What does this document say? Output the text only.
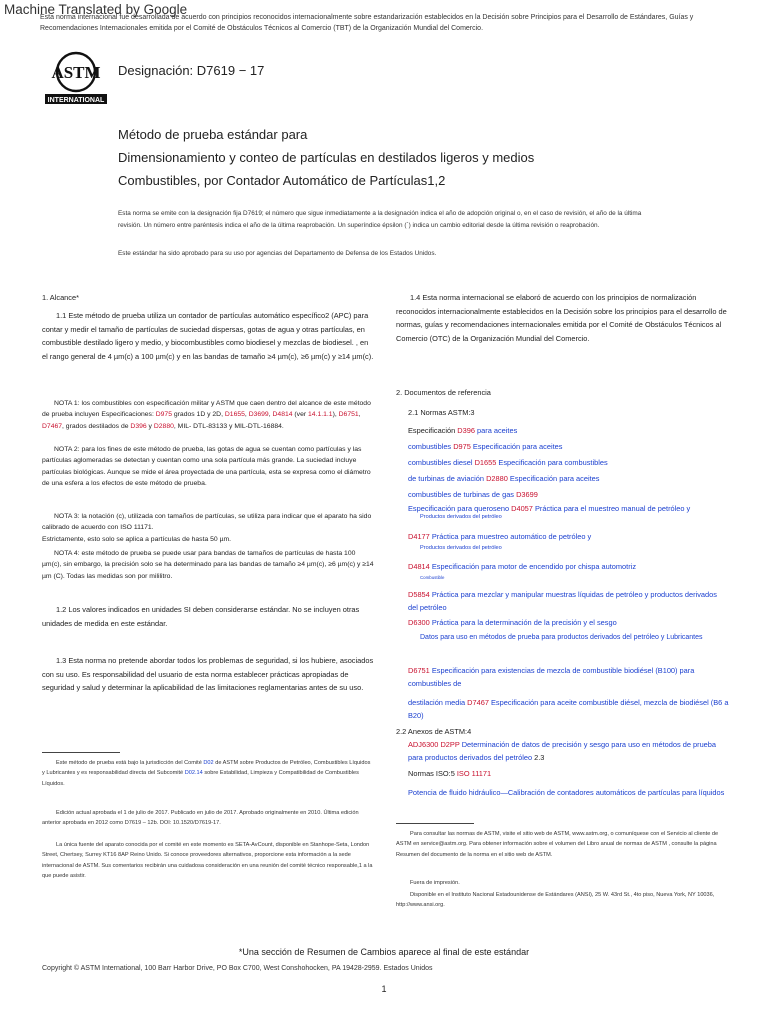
Esta norma internacional fue desarrollada de acuerdo con principios reconocidos internacionalmente sobre estandarización establecidos en la Decisión sobre Principios para el Desarrollo de Estándares, Guías y Recomendaciones Internacionales emitida por el Comité de Obstáculos Técnicos al Comercio (TBT) de la Organización Mundial del Comercio.
Machine Translated by Google
ASTM
INTERNATIONAL
Designación: D7619 − 17
Método de prueba estándar para
Dimensionamiento y conteo de partículas en destilados ligeros y medios
Combustibles, por Contador Automático de Partículas1,2
Esta norma se emite con la designación fija D7619; el número que sigue inmediatamente a la designación indica el año de adopción original o, en el caso de revisión, el año de la última revisión. Un número entre paréntesis indica el año de la última reaprobación. Un superíndice épsilon (´) indica un cambio editorial desde la última revisión o reaprobación.
Este estándar ha sido aprobado para su uso por agencias del Departamento de Defensa de los Estados Unidos.
1. Alcance*

1.1 Este método de prueba utiliza un contador de partículas automático específico2 (APC) para contar y medir el tamaño de partículas de suciedad dispersas, gotas de agua y otras partículas, en combustible destilado ligero y medio, y biocombustibles como biodiesel y mezclas de biodiesel. , en el rango general de 4 µm(c) a 100 µm(c) y en las bandas de tamaño ≥4 µm(c), ≥6 µm(c) y ≥14 µm(c).

NOTA 1: los combustibles con especificación militar y ASTM que caen dentro del alcance de este método de prueba incluyen Especificaciones: D975 grados 1D y 2D, D1655, D3699, D4814 (ver 14.1.1.1), D6751, D7467, grados destilados de D396 y D2880, MIL- DTL-83133 y MIL-DTL-16884.

NOTA 2: para los fines de este método de prueba, las gotas de agua se cuentan como partículas y las partículas aglomeradas se detectan y cuentan como una sola partícula más grande. La suciedad incluye partículas biológicas. Aunque se mide el área proyectada de una partícula, esta se expresa como el diámetro de una esfera a los efectos de este método de prueba.

NOTA 3: la notación (c), utilizada con tamaños de partículas, se utiliza para indicar que el aparato ha sido calibrado de acuerdo con ISO 11171.

Estrictamente, esto solo se aplica a partículas de hasta 50 µm.

NOTA 4: este método de prueba se puede usar para bandas de tamaños de partículas de hasta 100 µm(c), sin embargo, la precisión solo se ha determinado para las bandas de tamaño ≥4 µm(c), ≥6 µm(c) y ≥14 µm (C). Todas las medidas son por mililitro.

1.2 Los valores indicados en unidades SI deben considerarse estándar. No se incluyen otras unidades de medida en este estándar.

1.3 Esta norma no pretende abordar todos los problemas de seguridad, si los hubiere, asociados con su uso. Es responsabilidad del usuario de esta norma establecer prácticas apropiadas de seguridad y salud y determinar la aplicabilidad de las limitaciones reglamentarias antes de su uso.

Este método de prueba está bajo la jurisdicción del Comité D02 de ASTM sobre Productos de Petróleo, Combustibles Líquidos y Lubricantes y es responsabilidad directa del Subcomité D02.14 sobre Estabilidad, Limpieza y Compatibilidad de Combustibles Líquidos.

Edición actual aprobada el 1 de julio de 2017. Publicado en julio de 2017. Aprobado originalmente en 2010. Última edición anterior aprobada en 2012 como D7619 – 12b. DOI: 10.1520/D7619-17.

La única fuente del aparato conocida por el comité en este momento es SETA-AvCount, disponible en Stanhope-Seta, London Street, Chertsey, Surrey KT16 8AP Reino Unido. Si conoce proveedores alternativos, proporcione esta información a la sede internacional de ASTM. Sus comentarios recibirán una cuidadosa consideración en una reunión del comité técnico responsable,1 a la que puede asistir.

1.4 Esta norma internacional se elaboró de acuerdo con los principios de normalización reconocidos internacionalmente establecidos en la Decisión sobre los principios para el desarrollo de normas, guías y recomendaciones internacionales emitida por el Comité de Obstáculos Técnicos al Comercio (OTC) de la Organización Mundial del Comercio.

2. Documentos de referencia
2.1 Normas ASTM:3
Especificación D396 para aceites
combustibles D975 Especificación para aceites
combustibles diesel D1655 Especificación para combustibles
de turbinas de aviación D2880 Especificación para aceites
combustibles de turbinas de gas D3699
Especificación para queroseno D4057 Práctica para el muestreo manual de petróleo y
Productos derivados del petróleo
D4177 Práctica para muestreo automático de petróleo y
Productos derivados del petróleo
D4814 Especificación para motor de encendido por chispa automotriz
Combustible
D5854 Práctica para mezclar y manipular muestras líquidas de petróleo y productos derivados del petróleo
D6300 Práctica para la determinación de la precisión y el sesgo
Datos para uso en métodos de prueba para productos derivados del petróleo y Lubricantes
D6751 Especificación para existencias de mezcla de combustible biodiésel (B100) para combustibles de
destilación media D7467 Especificación para aceite combustible diésel, mezcla de biodiésel (B6 a B20)
2.2 Anexos de ASTM:4
ADJ6300 D2PP Determinación de datos de precisión y sesgo para uso en métodos de prueba para productos derivados del petróleo 2.3
Normas ISO:5 ISO 11171
Potencia de fluido hidráulico—Calibración de contadores automáticos de partículas para líquidos

Para consultar las normas de ASTM, visite el sitio web de ASTM, www.astm.org, o comuníquese con el Servicio al cliente de ASTM en service@astm.org. Para obtener información sobre el volumen del Libro anual de normas de ASTM , consulte la página Resumen del documento de la norma en el sitio web de ASTM.

Fuera de impresión.

Disponible en el Instituto Nacional Estadounidense de Estándares (ANSI), 25 W. 43rd St., 4to piso, Nueva York, NY 10036, http://www.ansi.org.

*Una sección de Resumen de Cambios aparece al final de este estándar
Copyright © ASTM International, 100 Barr Harbor Drive, PO Box C700, West Conshohocken, PA 19428-2959. Estados Unidos
1
